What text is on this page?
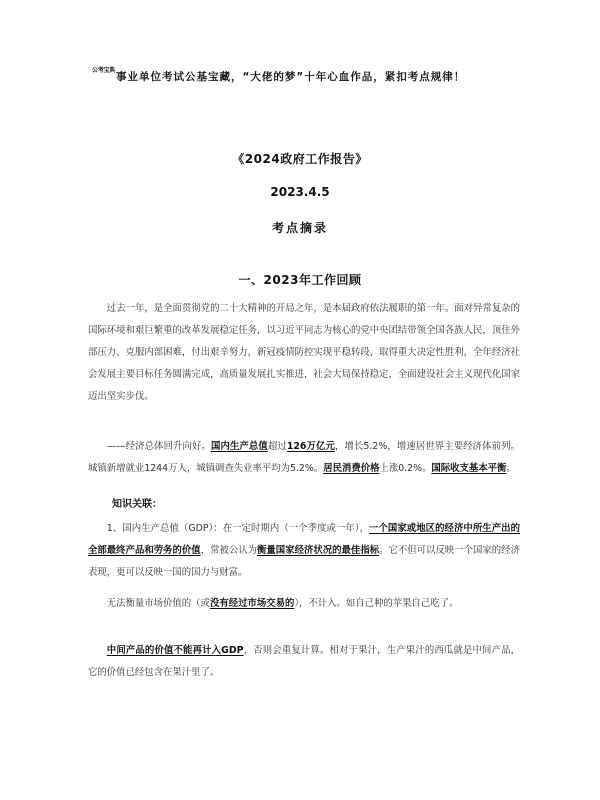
公考宝典
事业单位考试公基宝藏，“大佬的梦”十年心血作品，紧扣考点规律！
《2024政府工作报告》
2023.4.5
考点摘录
一、2023年工作回顾

过去一年，是全面贯彻党的二十大精神的开局之年，是本届政府依法履职的第一年。面对异常复杂的国际环境和艰巨繁重的改革发展稳定任务，以习近平同志为核心的党中央团结带领全国各族人民，顶住外部压力、克服内部困难，付出艰辛努力，新冠疫情防控实现平稳转段，取得重大决定性胜利，全年经济社会发展主要目标任务圆满完成，高质量发展扎实推进，社会大局保持稳定，全面建设社会主义现代化国家迈出坚实步伐。

——经济总体回升向好。国内生产总值超过126万亿元，增长5.2%，增速居世界主要经济体前列。城镇新增就业1244万人，城镇调查失业率平均为5.2%。居民消费价格上涨0.2%。国际收支基本平衡。

知识关联：

1、国内生产总值（GDP）：在一定时期内（一个季度或一年），一个国家或地区的经济中所生产出的全部最终产品和劳务的价值，常被公认为衡量国家经济状况的最佳指标。它不但可以反映一个国家的经济表现，更可以反映一国的国力与财富。

无法衡量市场价值的（或没有经过市场交易的），不计入。如自己种的苹果自己吃了。

中间产品的价值不能再计入GDP，否则会重复计算。相对于果汁，生产果汁的西瓜就是中间产品，它的价值已经包含在果汁里了。
